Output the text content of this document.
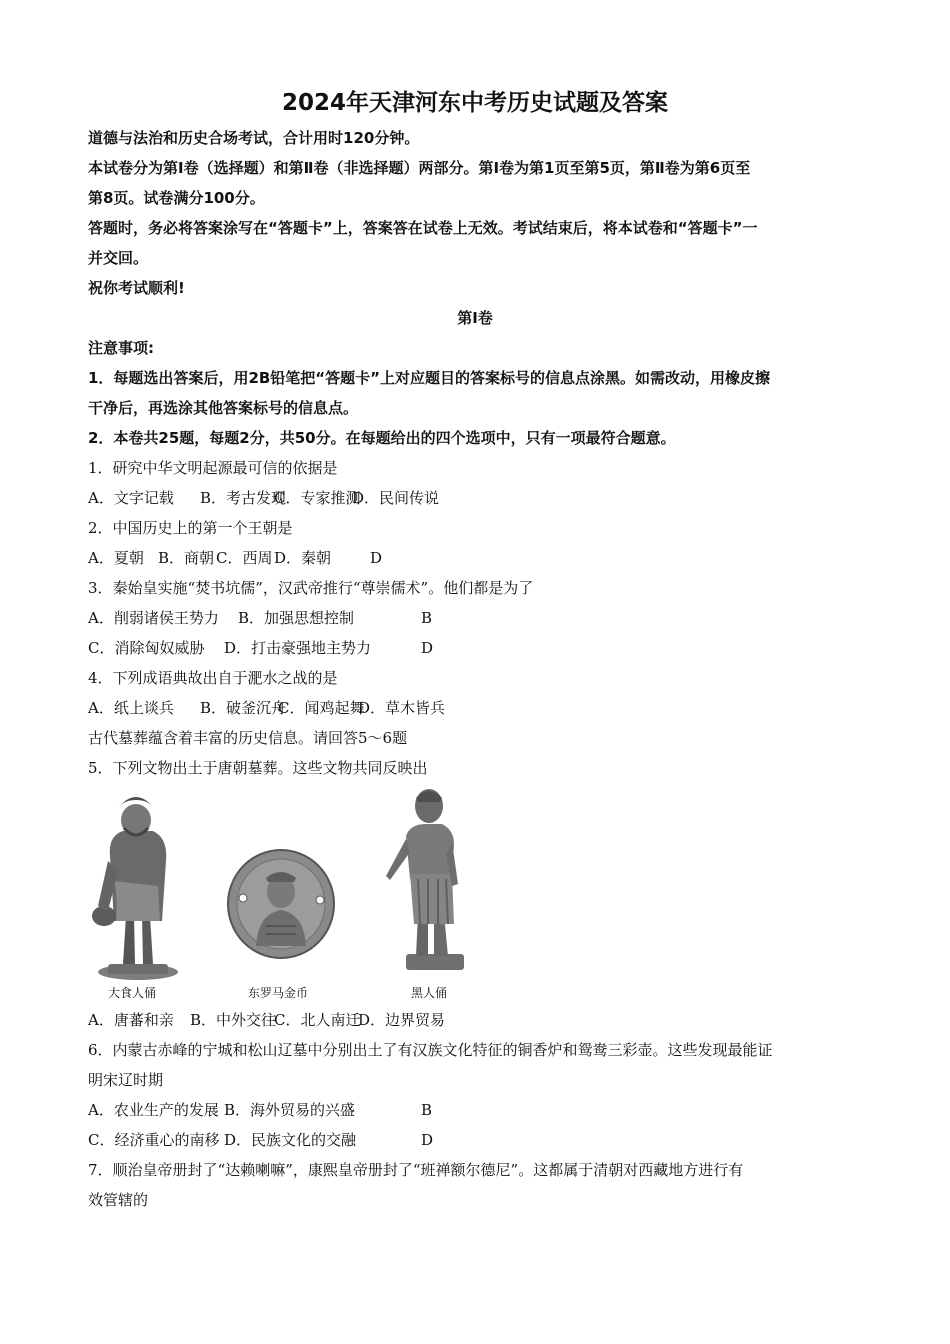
2024年天津河东中考历史试题及答案
道德与法治和历史合场考试，合计用时120分钟。
本试卷分为第Ⅰ卷（选择题）和第Ⅱ卷（非选择题）两部分。第Ⅰ卷为第1页至第5页，第Ⅱ卷为第6页至
第8页。试卷满分100分。
答题时，务必将答案涂写在“答题卡”上，答案答在试卷上无效。考试结束后，将本试卷和“答题卡”一
并交回。
祝你考试顺利!
第Ⅰ卷
注意事项:
1．每题选出答案后，用2B铅笔把“答题卡”上对应题目的答案标号的信息点涂黑。如需改动，用橡皮擦
干净后，再选涂其他答案标号的信息点。
2．本卷共25题，每题2分，共50分。在每题给出的四个选项中，只有一项最符合题意。
1．研究中华文明起源最可信的依据是
A．文字记载 B．考古发现
C．专家推测
D．民间传说
2．中国历史上的第一个王朝是
A．夏朝 B．商朝 C．西周 D．秦朝	D
3．秦始皇实施“焚书坑儒”，汉武帝推行“尊崇儒术”。他们都是为了
A．削弱诸侯王势力 B．加强思想控制	B
C．消除匈奴威胁 D．打击豪强地主势力	D
4．下列成语典故出自于淝水之战的是
A．纸上谈兵 B．破釜沉舟
C．闻鸡起舞
D．草木皆兵
古代墓葬蕴含着丰富的历史信息。请回答5～6题
5．下列文物出土于唐朝墓葬。这些文物共同反映出
大食人俑	东罗马金币	黑人俑
A．唐蕃和亲 B．中外交往
C．北人南迁
D．边界贸易
6．内蒙古赤峰的宁城和松山辽墓中分别出土了有汉族文化特征的铜香炉和鸳鸯三彩壶。这些发现最能证
明宋辽时期
A．农业生产的发展 B．海外贸易的兴盛	B
C．经济重心的南移 D．民族文化的交融	D
7．顺治皇帝册封了“达赖喇嘛”，康熙皇帝册封了“班禅额尔德尼”。这都属于清朝对西藏地方进行有
效管辖的
